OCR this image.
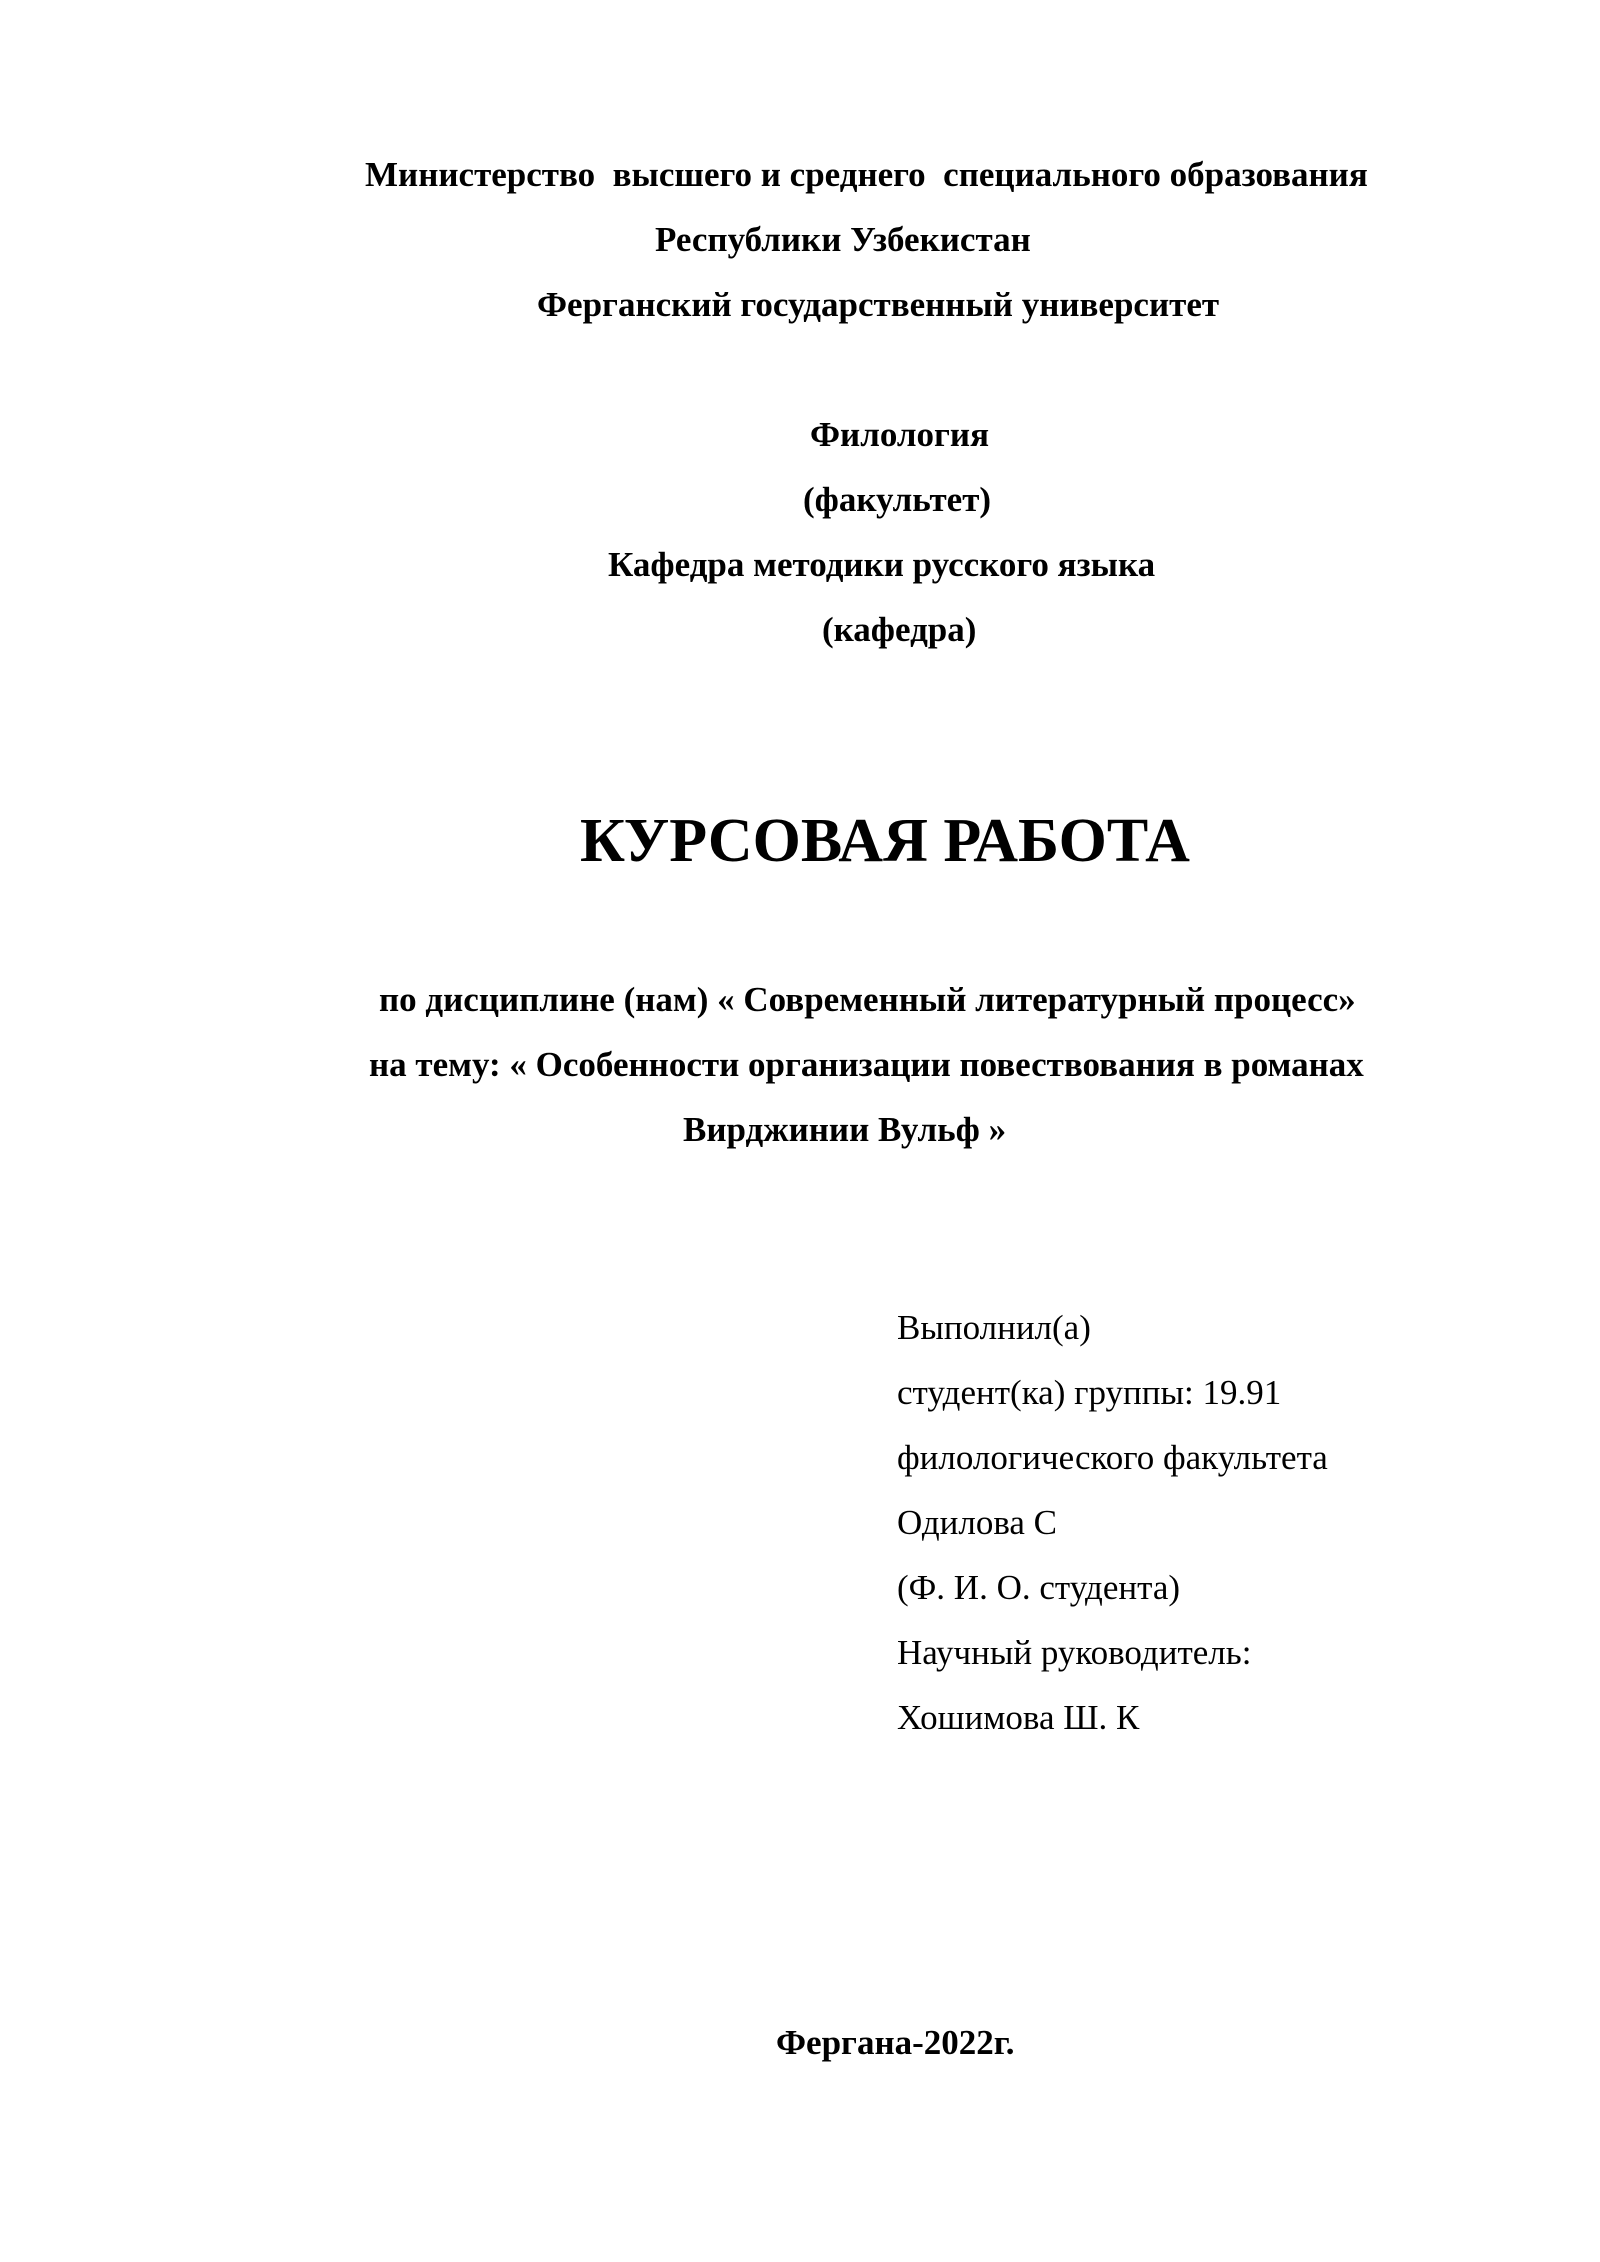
Министерство  высшего и среднего  специального образования
Республики Узбекистан
Ферганский государственный университет
Филология
(факультет)
Кафедра методики русского языка
(кафедра)
КУРСОВАЯ РАБОТА
по дисциплине (нам) « Современный литературный процесс»
на тему: « Особенности организации повествования в романах
Вирджинии Вульф »
Выполнил(а)
студент(ка) группы: 19.91
филологического факультета
Одилова С
(Ф. И. О. студента)
Научный руководитель:
Хошимова Ш. К
Фергана-2022г.
